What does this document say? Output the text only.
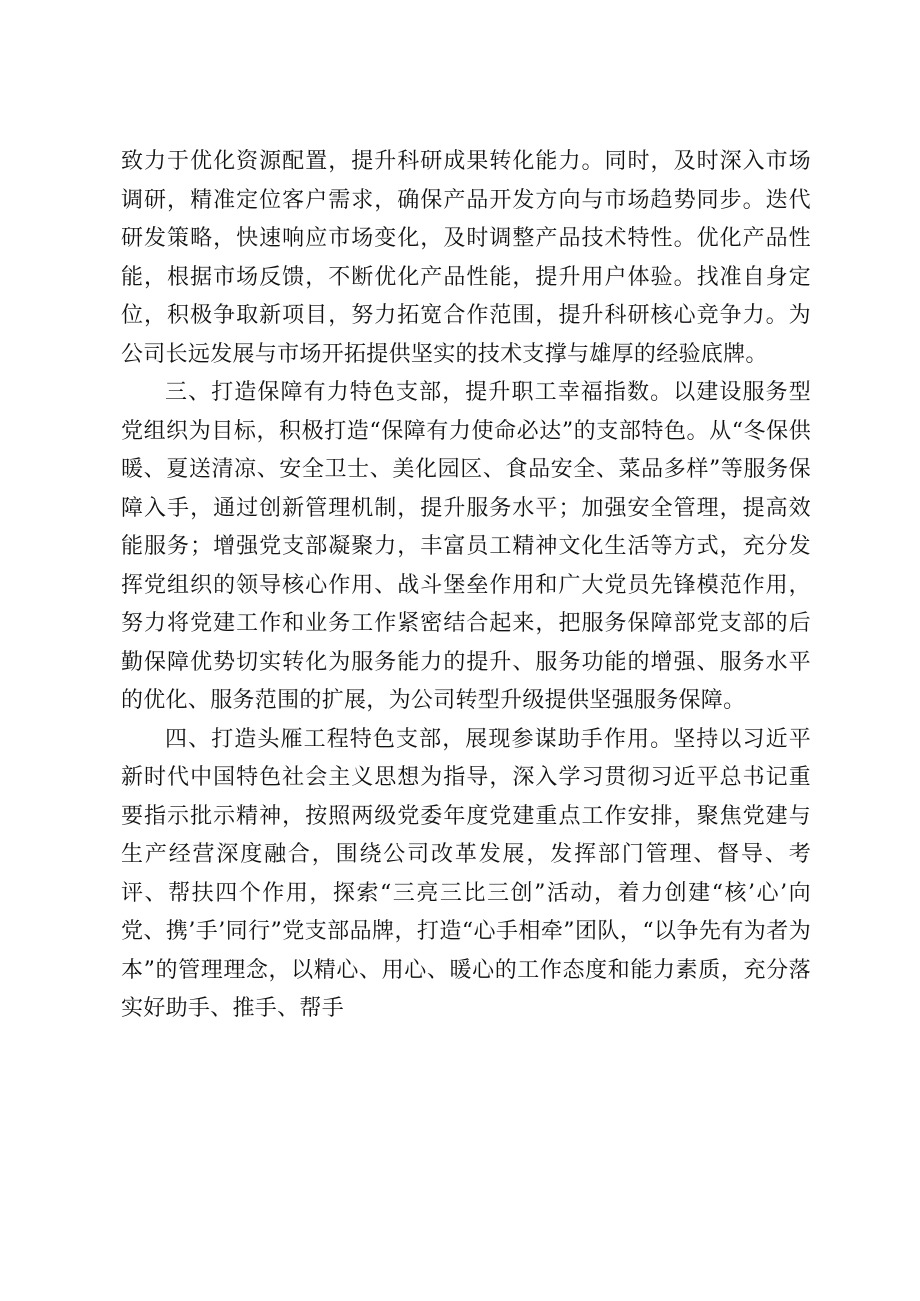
致力于优化资源配置，提升科研成果转化能力。同时，及时深入市场调研，精准定位客户需求，确保产品开发方向与市场趋势同步。迭代研发策略，快速响应市场变化，及时调整产品技术特性。优化产品性能，根据市场反馈，不断优化产品性能，提升用户体验。找准自身定位，积极争取新项目，努力拓宽合作范围，提升科研核心竞争力。为公司长远发展与市场开拓提供坚实的技术支撑与雄厚的经验底牌。

三、打造保障有力特色支部，提升职工幸福指数。以建设服务型党组织为目标，积极打造“保障有力使命必达”的支部特色。从“冬保供暖、夏送清凉、安全卫士、美化园区、食品安全、菜品多样”等服务保障入手，通过创新管理机制，提升服务水平；加强安全管理，提高效能服务；增强党支部凝聚力，丰富员工精神文化生活等方式，充分发挥党组织的领导核心作用、战斗堡垒作用和广大党员先锋模范作用，努力将党建工作和业务工作紧密结合起来，把服务保障部党支部的后勤保障优势切实转化为服务能力的提升、服务功能的增强、服务水平的优化、服务范围的扩展，为公司转型升级提供坚强服务保障。

四、打造头雁工程特色支部，展现参谋助手作用。坚持以习近平新时代中国特色社会主义思想为指导，深入学习贯彻习近平总书记重要指示批示精神，按照两级党委年度党建重点工作安排，聚焦党建与生产经营深度融合，围绕公司改革发展，发挥部门管理、督导、考评、帮扶四个作用，探索“三亮三比三创”活动，着力创建“核’心’向党、携’手’同行”党支部品牌，打造“心手相牵”团队，“以争先有为者为本”的管理理念，以精心、用心、暖心的工作态度和能力素质，充分落实好助手、推手、帮手
